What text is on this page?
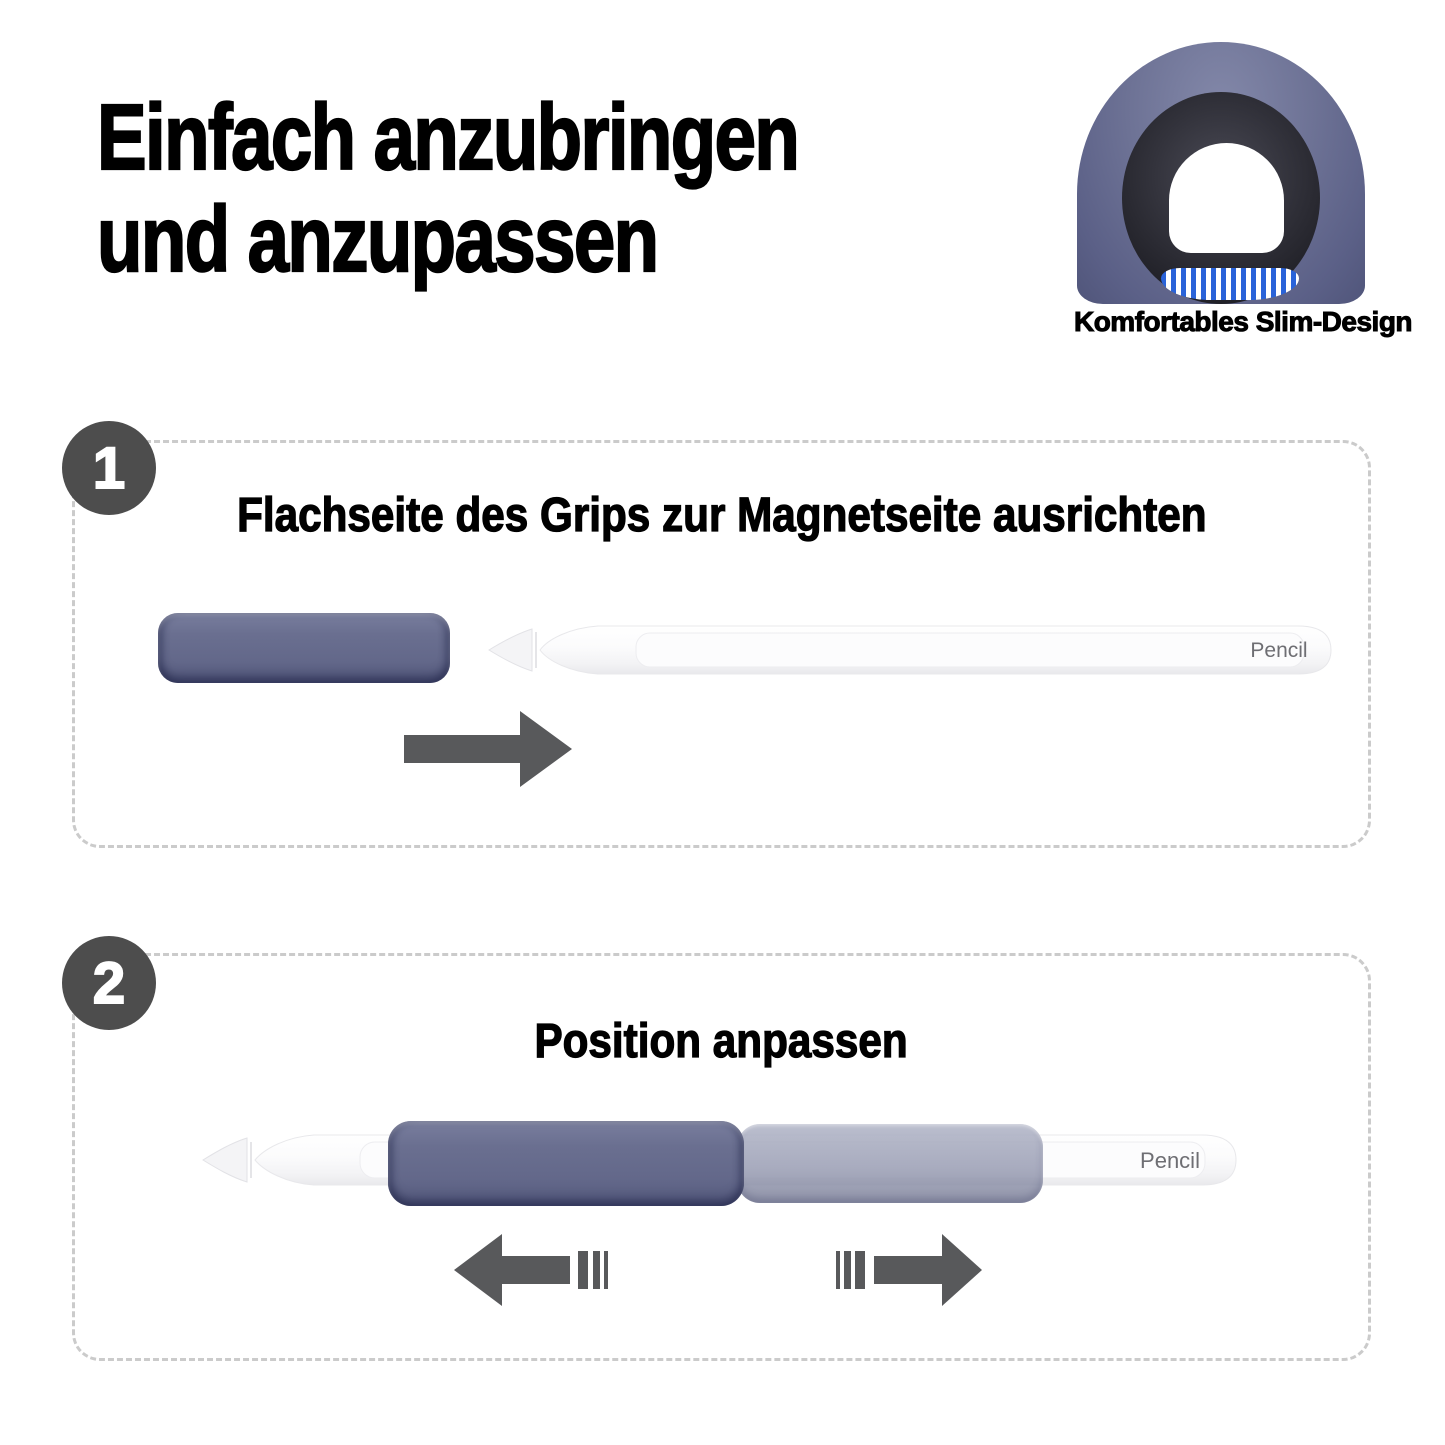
Einfach anzubringen
und anzupassen
Komfortables Slim-Design
1
Flachseite des Grips zur Magnetseite ausrichten
Pencil
2
Position anpassen
Pencil
